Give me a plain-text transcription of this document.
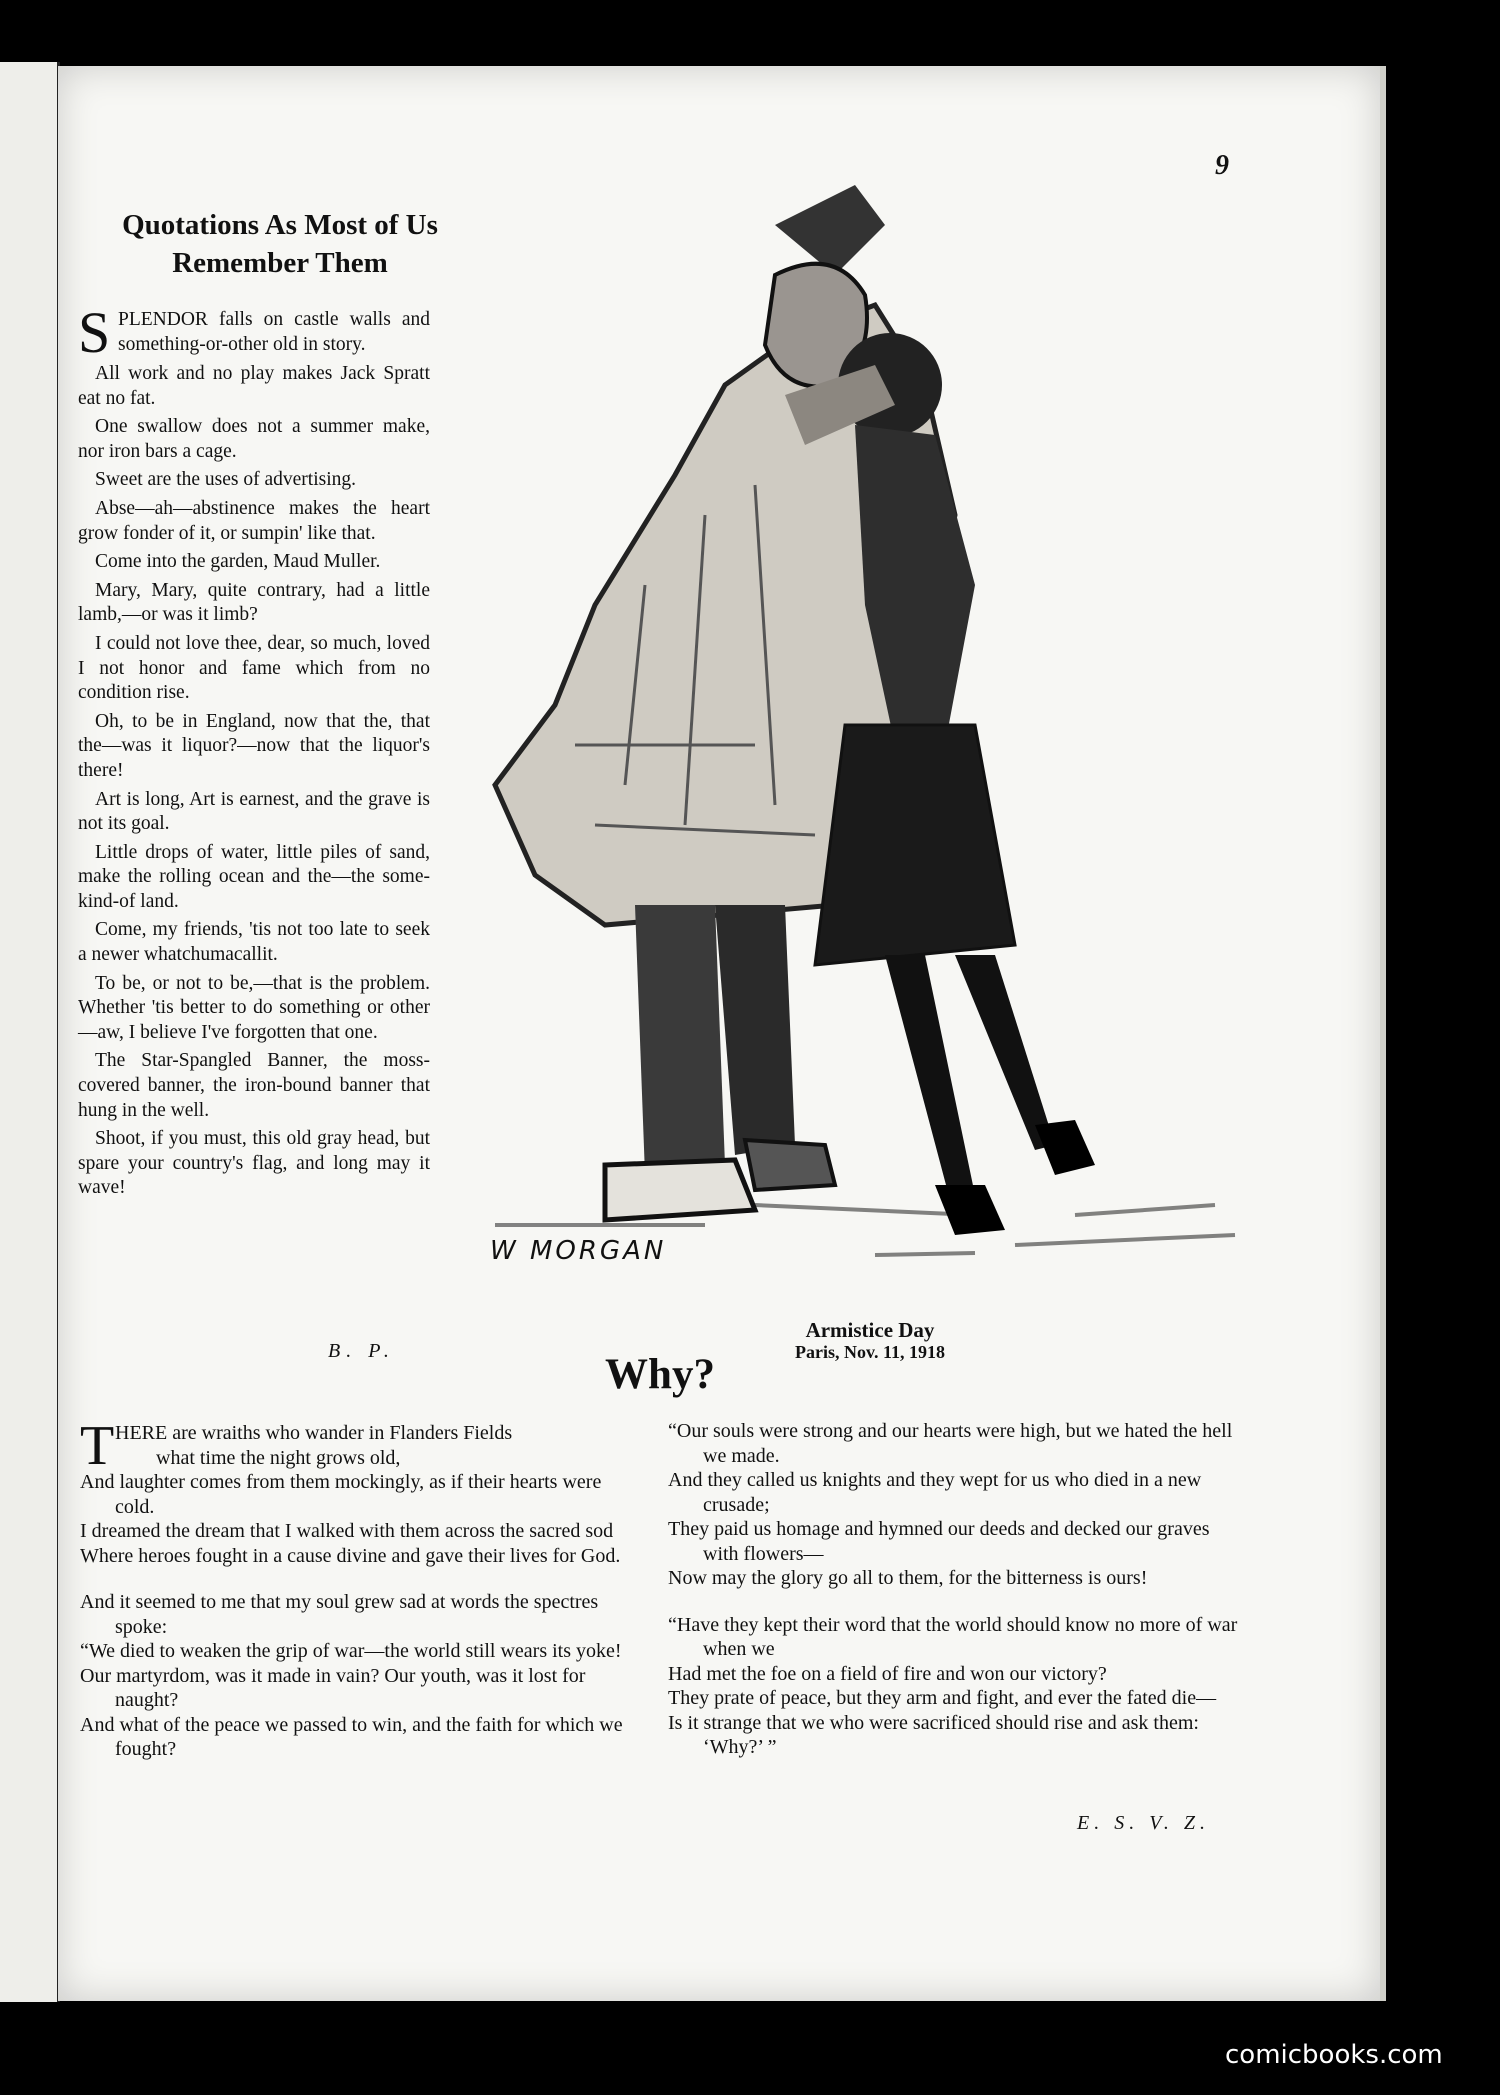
9
Quotations As Most of Us Remember Them

S PLENDOR falls on castle walls and something-or-other old in story.

All work and no play makes Jack Spratt eat no fat.

One swallow does not a summer make, nor iron bars a cage.

Sweet are the uses of advertising.

Abse—ah—abstinence makes the heart grow fonder of it, or sumpin' like that.

Come into the garden, Maud Muller.

Mary, Mary, quite contrary, had a little lamb,—or was it limb?

I could not love thee, dear, so much, loved I not honor and fame which from no condition rise.

Oh, to be in England, now that the, that the—was it liquor?—now that the liquor's there!

Art is long, Art is earnest, and the grave is not its goal.

Little drops of water, little piles of sand, make the rolling ocean and the—the some-kind-of land.

Come, my friends, 'tis not too late to seek a newer whatchumacallit.

To be, or not to be,—that is the problem. Whether 'tis better to do something or other—aw, I believe I've forgotten that one.

The Star-Spangled Banner, the moss-covered banner, the iron-bound banner that hung in the well.

Shoot, if you must, this old gray head, but spare your country's flag, and long may it wave!

B. P.
W MORGAN
Armistice Day
Paris, Nov. 11, 1918
Why?
T HERE are wraiths who wander in Flanders Fields
what time the night grows old,
And laughter comes from them mockingly, as if their hearts were cold.
I dreamed the dream that I walked with them across the sacred sod
Where heroes fought in a cause divine and gave their lives for God.
And it seemed to me that my soul grew sad at words the spectres spoke:
“We died to weaken the grip of war—the world still wears its yoke!
Our martyrdom, was it made in vain? Our youth, was it lost for naught?
And what of the peace we passed to win, and the faith for which we fought?
“Our souls were strong and our hearts were high, but we hated the hell we made.
And they called us knights and they wept for us who died in a new crusade;
They paid us homage and hymned our deeds and decked our graves with flowers—
Now may the glory go all to them, for the bitterness is ours!
“Have they kept their word that the world should know no more of war when we
Had met the foe on a field of fire and won our victory?
They prate of peace, but they arm and fight, and ever the fated die—
Is it strange that we who were sacrificed should rise and ask them: ‘Why?’ ”
E. S. V. Z.
comicbooks.com
